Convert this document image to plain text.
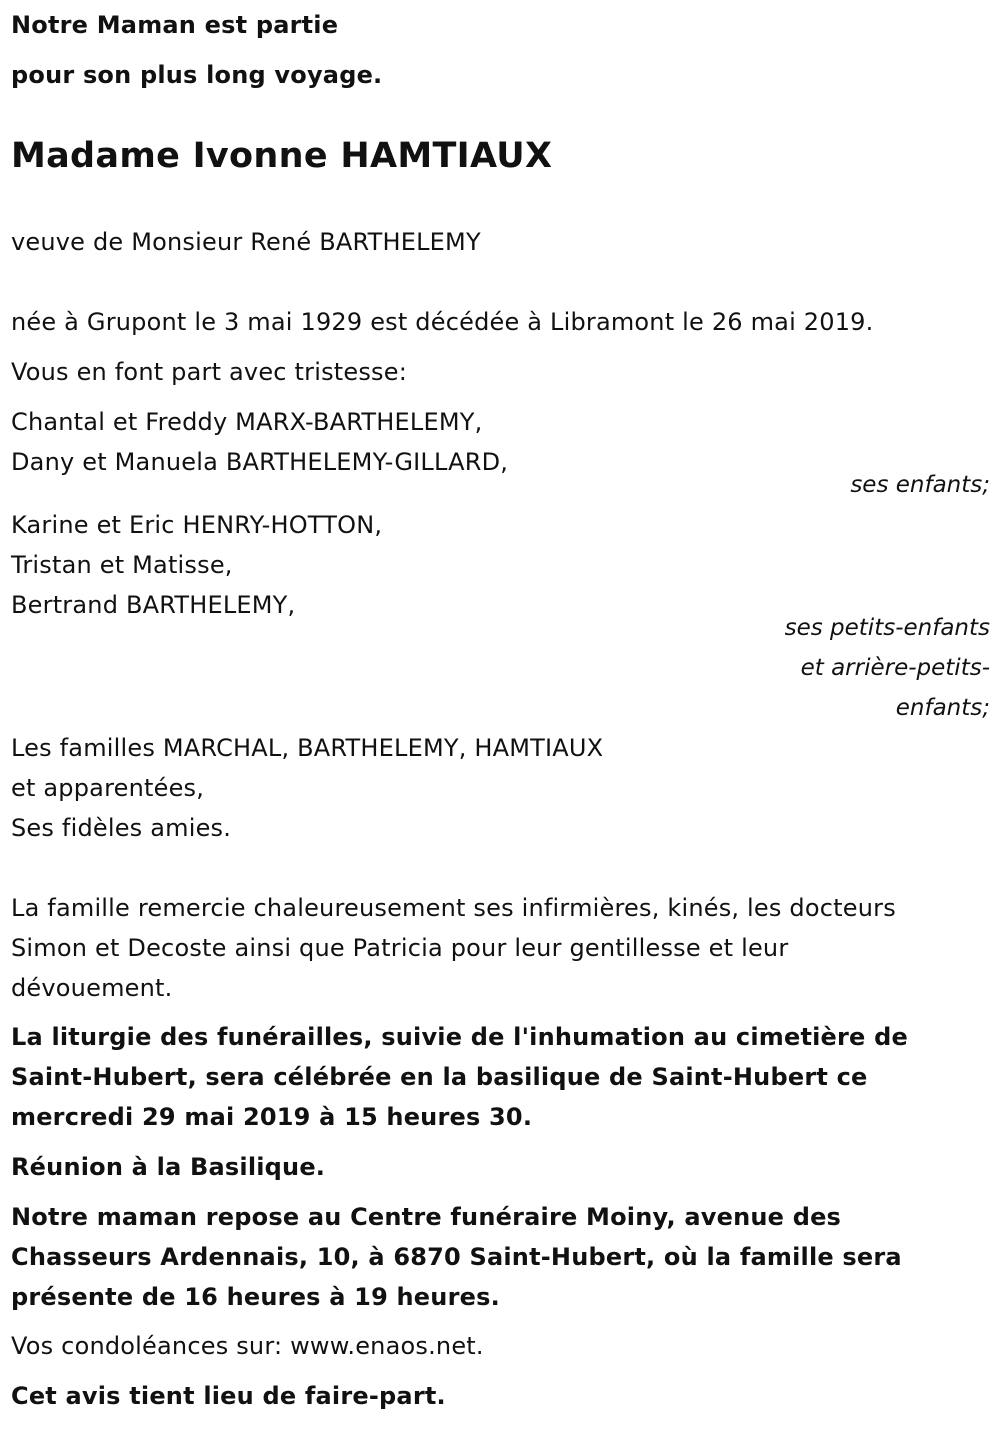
Notre Maman est partie
pour son plus long voyage.
Madame Ivonne HAMTIAUX
veuve de Monsieur René BARTHELEMY
née à Grupont le 3 mai 1929 est décédée à Libramont le 26 mai 2019.
Vous en font part avec tristesse:
Chantal et Freddy MARX-BARTHELEMY,
Dany et Manuela BARTHELEMY-GILLARD,
ses enfants;
Karine et Eric HENRY-HOTTON,
Tristan et Matisse,
Bertrand BARTHELEMY,
ses petits-enfants
et arrière-petits-
enfants;
Les familles MARCHAL, BARTHELEMY, HAMTIAUX
et apparentées,
Ses fidèles amies.
La famille remercie chaleureusement ses infirmières, kinés, les docteurs
Simon et Decoste ainsi que Patricia pour leur gentillesse et leur
dévouement.
La liturgie des funérailles, suivie de l'inhumation au cimetière de
Saint-Hubert, sera célébrée en la basilique de Saint-Hubert ce
mercredi 29 mai 2019 à 15 heures 30.
Réunion à la Basilique.
Notre maman repose au Centre funéraire Moiny, avenue des
Chasseurs Ardennais, 10, à 6870 Saint-Hubert, où la famille sera
présente de 16 heures à 19 heures.
Vos condoléances sur: www.enaos.net.
Cet avis tient lieu de faire-part.
